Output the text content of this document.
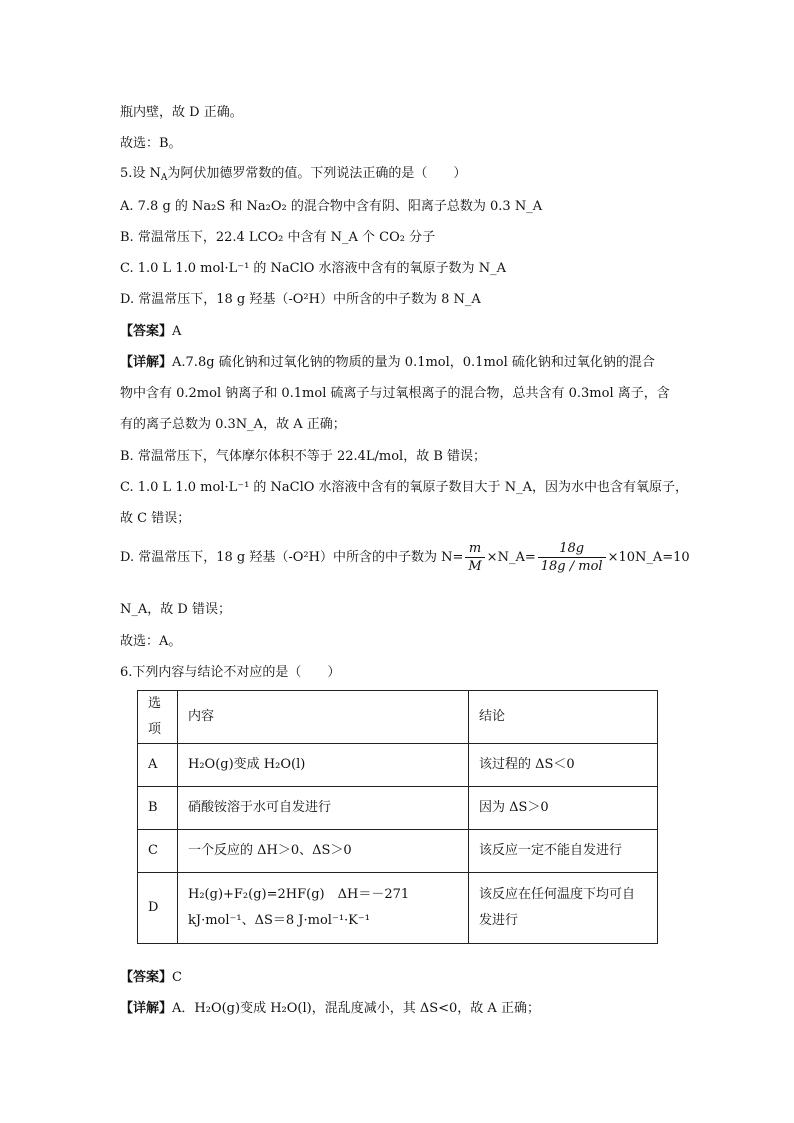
瓶内壁，故 D 正确。
故选：B。
5.设 $N_A$为阿伏加德罗常数的值。下列说法正确的是（　　）
A. 7.8 g 的 Na₂S 和 Na₂O₂ 的混合物中含有阴、阳离子总数为 0.3 N_A
B. 常温常压下，22.4 LCO₂ 中含有 N_A 个 CO₂ 分子
C. 1.0 L 1.0 mol·L⁻¹ 的 NaClO 水溶液中含有的氧原子数为 N_A
D. 常温常压下，18 g 羟基（-O²H）中所含的中子数为 8 N_A
【答案】A
【详解】A.7.8g 硫化钠和过氧化钠的物质的量为 0.1mol，0.1mol 硫化钠和过氧化钠的混合
物中含有 0.2mol 钠离子和 0.1mol 硫离子与过氧根离子的混合物，总共含有 0.3mol 离子，含
有的离子总数为 0.3N_A，故 A 正确；
B. 常温常压下，气体摩尔体积不等于 22.4L/mol，故 B 错误；
C. 1.0 L 1.0 mol·L⁻¹ 的 NaClO 水溶液中含有的氧原子数目大于 N_A，因为水中也含有氧原子，
故 C 错误；
D. 常温常压下，18 g 羟基（-O²H）中所含的中子数为 $N= \frac{m}{M}$ ×N_A= $\frac{18g}{\text{18g / mol}}$ ×10N_A=10
N_A，故 D 错误；
故选：A。
6.下列内容与结论不对应的是（　　）
选项	内容	结论
A	H₂O(g)变成 H₂O(l)	该过程的 ΔS＜0
B	硝酸铵溶于水可自发进行	因为 ΔS＞0
C	一个反应的 ΔH＞0、ΔS＞0	该反应一定不能自发进行
D	H₂(g)+F₂(g)=2HF(g)　ΔH＝－271 kJ·mol⁻¹、ΔS＝8 J·mol⁻¹·K⁻¹	该反应在任何温度下均可自发进行
【答案】C
【详解】A．H₂O(g)变成 H₂O(l)，混乱度减小，其 ΔS<0，故 A 正确；
